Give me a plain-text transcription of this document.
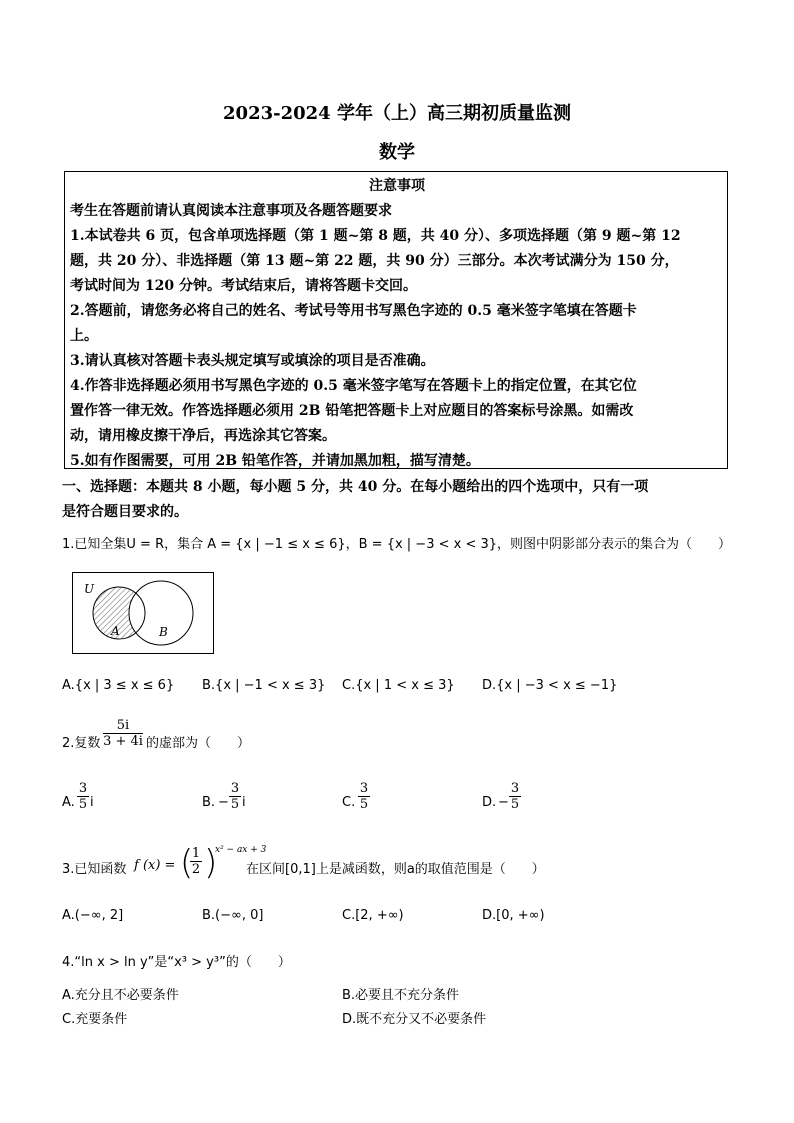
2023-2024 学年（上）高三期初质量监测
数学
注意事项
考生在答题前请认真阅读本注意事项及各题答题要求
1.本试卷共 6 页，包含单项选择题（第 1 题~第 8 题，共 40 分）、多项选择题（第 9 题~第 12
题，共 20 分）、非选择题（第 13 题~第 22 题，共 90 分）三部分。本次考试满分为 150 分，
考试时间为 120 分钟。考试结束后，请将答题卡交回。
2.答题前，请您务必将自己的姓名、考试号等用书写黑色字迹的 0.5 毫米签字笔填在答题卡
上。
3.请认真核对答题卡表头规定填写或填涂的项目是否准确。
4.作答非选择题必须用书写黑色字迹的 0.5 毫米签字笔写在答题卡上的指定位置，在其它位
置作答一律无效。作答选择题必须用 2B 铅笔把答题卡上对应题目的答案标号涂黑。如需改
动，请用橡皮擦干净后，再选涂其它答案。
5.如有作图需要，可用 2B 铅笔作答，并请加黑加粗，描写清楚。
一、选择题：本题共 8 小题，每小题 5 分，共 40 分。在每小题给出的四个选项中，只有一项
是符合题目要求的。
1.已知全集U = R，集合 A = {x | −1 ≤ x ≤ 6}，B = {x | −3 < x < 3}，则图中阴影部分表示的集合为（　　）
U
A	B
A.{x | 3 ≤ x ≤ 6} B.{x | −1 < x ≤ 3} C.{x | 1 < x ≤ 3} D.{x | −3 < x ≤ −1}
2.复数 $\frac{5i}{3 + 4i}$ 的虚部为（　　）
A. $\frac{3}{5}$ i	B. − $\frac{3}{5}$ i	C. $\frac{3}{5}$	D. − $\frac{3}{5}$
3.已知函数 f (x) = (
$\frac{1}{2}$ )
x² − ax + 3
在区间[0,1]上是减函数，则a的取值范围是（　　）
A.(−∞, 2]	B.(−∞, 0]	C.[2, +∞)	D.[0, +∞)
4.“ln x > ln y”是“x³ > y³”的（　　）
A.充分且不必要条件	B.必要且不充分条件
C.充要条件	D.既不充分又不必要条件
